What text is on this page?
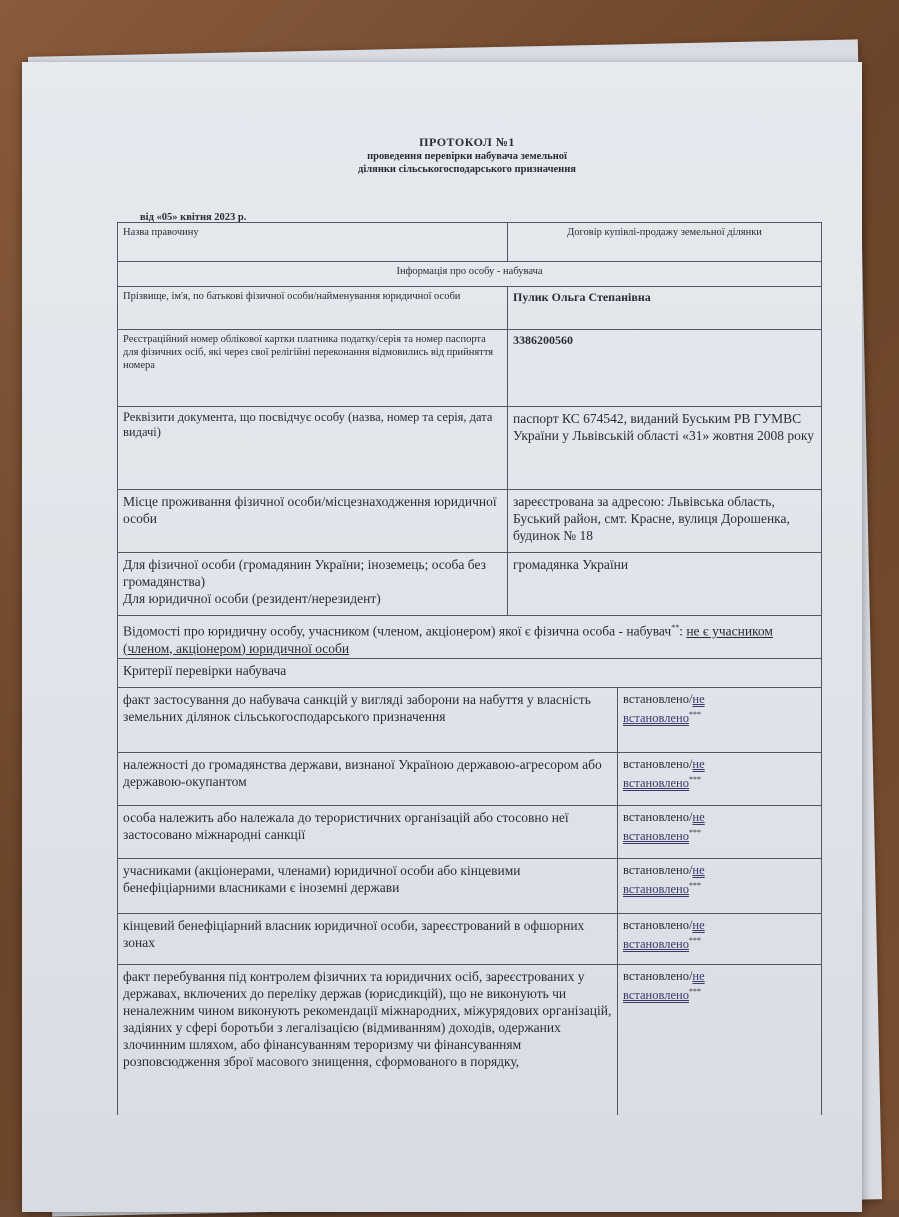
ПРОТОКОЛ №1
проведення перевірки набувача земельної
ділянки сільськогосподарського призначення
від «05» квітня 2023 р.
Назва правочину	Договір купівлі-продажу земельної ділянки
Інформація про особу - набувача
Прізвище, ім'я, по батькові фізичної особи/найменування юридичної особи	Пулик Ольга Степанівна
Реєстраційний номер облікової картки платника податку/серія та номер паспорта для фізичних осіб, які через свої релігійні переконання відмовились від прийняття номера
3386200560
Реквізити документа, що посвідчує особу (назва, номер та серія, дата видачі)
паспорт КС 674542, виданий Буським РВ ГУМВС України у Львівській області «31» жовтня 2008 року
Місце проживання фізичної особи/місцезнаходження юридичної особи
зареєстрована за адресою: Львівська область, Буський район, смт. Красне, вулиця Дорошенка, будинок № 18
Для фізичної особи (громадянин України; іноземець; особа без громадянства)
Для юридичної особи (резидент/нерезидент)
громадянка України
Відомості про юридичну особу, учасником (членом, акціонером) якої є фізична особа - набувач**: не є учасником (членом, акціонером) юридичної особи
Критерії перевірки набувача
факт застосування до набувача санкцій у вигляді заборони на набуття у власність земельних ділянок сільськогосподарського призначення
встановлено/не
встановлено***
належності до громадянства держави, визнаної Україною державою-агресором або державою-окупантом
встановлено/не
встановлено***
особа належить або належала до терористичних організацій або стосовно неї застосовано міжнародні санкції
встановлено/не
встановлено***
учасниками (акціонерами, членами) юридичної особи або кінцевими бенефіціарними власниками є іноземні держави
встановлено/не
встановлено***
кінцевий бенефіціарний власник юридичної особи, зареєстрований в офшорних зонах
встановлено/не
встановлено***
факт перебування під контролем фізичних та юридичних осіб, зареєстрованих у державах, включених до переліку держав (юрисдикцій), що не виконують чи неналежним чином виконують рекомендації міжнародних, міжурядових організацій, задіяних у сфері боротьби з легалізацією (відмиванням) доходів, одержаних злочинним шляхом, або фінансуванням тероризму чи фінансуванням розповсюдження зброї масового знищення, сформованого в порядку,
встановлено/не
встановлено***
